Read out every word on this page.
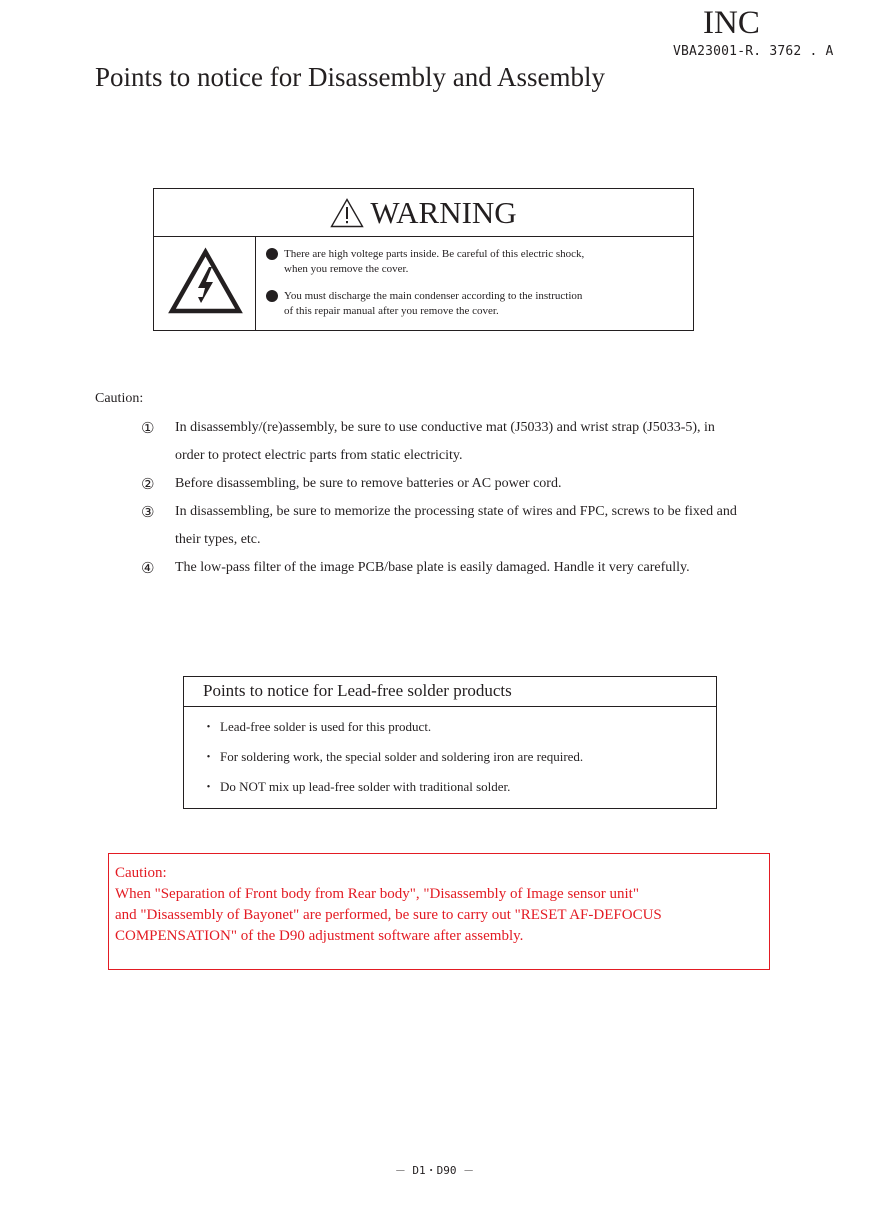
INC
VBA23001-R. 3762 . A
Points to notice for Disassembly and Assembly
WARNING
There are high voltege parts inside. Be careful of this electric shock,
when you remove the cover.
You must discharge the main condenser according to the instruction
of this repair manual after you remove the cover.
Caution:
① In disassembly/(re)assembly, be sure to use conductive mat (J5033) and wrist strap (J5033-5), in
order to protect electric parts from static electricity.
② Before disassembling, be sure to remove batteries or AC power cord.
③ In disassembling, be sure to memorize the processing state of wires and FPC, screws to be fixed and
their types, etc.
④ The low-pass filter of the image PCB/base plate is easily damaged. Handle it very carefully.
Points to notice for Lead-free solder products
・ Lead-free solder is used for this product.
・ For soldering work, the special solder and soldering iron are required.
・ Do NOT mix up lead-free solder with traditional solder.
Caution:
When "Separation of Front body from Rear body", "Disassembly of Image sensor unit"
and "Disassembly of Bayonet" are performed, be sure to carry out "RESET AF-DEFOCUS
COMPENSATION" of the D90 adjustment software after assembly.
－ D1・D90 －
